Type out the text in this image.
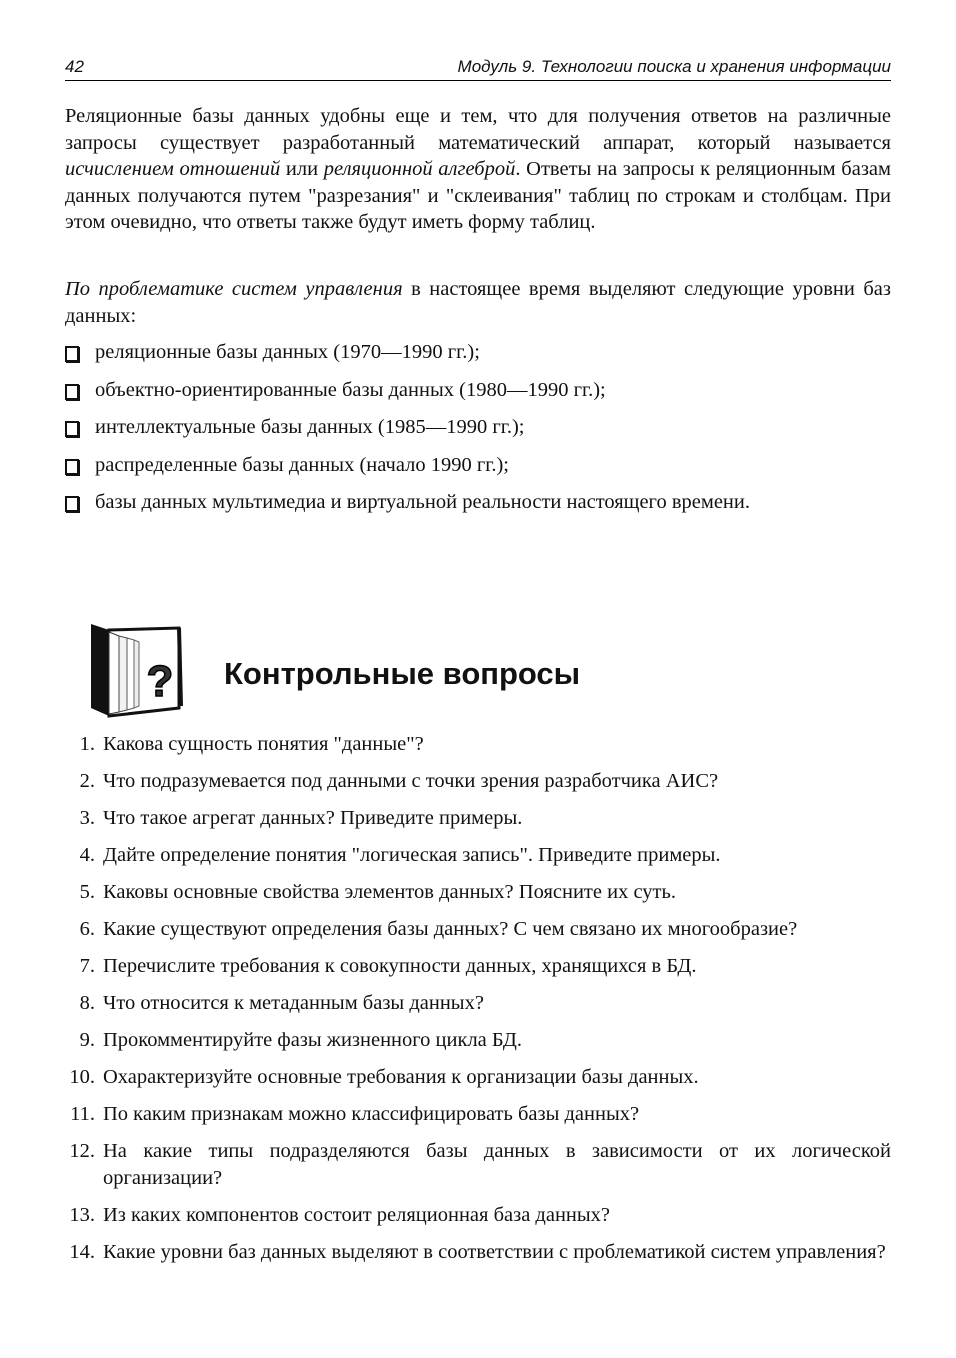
42	Модуль 9. Технологии поиска и хранения информации

Реляционные базы данных удобны еще и тем, что для получения ответов на различные запросы существует разработанный математический аппарат, который называется исчислением отношений или реляционной алгеброй. Ответы на запросы к реляционным базам данных получаются путем "разрезания" и "склеивания" таблиц по строкам и столбцам. При этом очевидно, что ответы также будут иметь форму таблиц.

По проблематике систем управления в настоящее время выделяют следующие уровни баз данных:

реляционные базы данных (1970—1990 гг.);
объектно-ориентированные базы данных (1980—1990 гг.);
интеллектуальные базы данных (1985—1990 гг.);
распределенные базы данных (начало 1990 гг.);
базы данных мультимедиа и виртуальной реальности настоящего времени.
? Контрольные вопросы
1. Какова сущность понятия "данные"?
2. Что подразумевается под данными с точки зрения разработчика АИС?
3. Что такое агрегат данных? Приведите примеры.
4. Дайте определение понятия "логическая запись". Приведите примеры.
5. Каковы основные свойства элементов данных? Поясните их суть.
6. Какие существуют определения базы данных? С чем связано их многообразие?
7. Перечислите требования к совокупности данных, хранящихся в БД.
8. Что относится к метаданным базы данных?
9. Прокомментируйте фазы жизненного цикла БД.
10. Охарактеризуйте основные требования к организации базы данных.
11. По каким признакам можно классифицировать базы данных?
12. На какие типы подразделяются базы данных в зависимости от их логической организации?
13. Из каких компонентов состоит реляционная база данных?
14. Какие уровни баз данных выделяют в соответствии с проблематикой систем управления?
